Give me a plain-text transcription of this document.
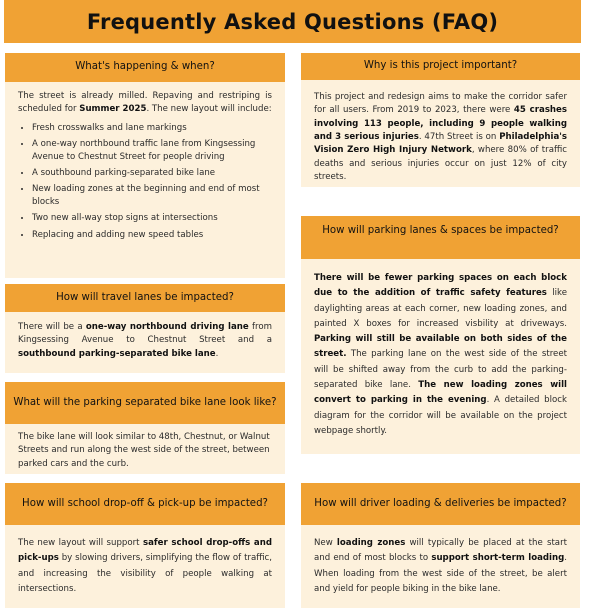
Frequently Asked Questions (FAQ)
What's happening & when?
The street is already milled. Repaving and restriping is scheduled for Summer 2025. The new layout will include:
• Fresh crosswalks and lane markings
• A one-way northbound traffic lane from Kingsessing Avenue to Chestnut Street for people driving
• A southbound parking-separated bike lane
• New loading zones at the beginning and end of most blocks
• Two new all-way stop signs at intersections
• Replacing and adding new speed tables
Why is this project important?
This project and redesign aims to make the corridor safer for all users. From 2019 to 2023, there were 45 crashes involving 113 people, including 9 people walking and 3 serious injuries. 47th Street is on Philadelphia's Vision Zero High Injury Network, where 80% of traffic deaths and serious injuries occur on just 12% of city streets.
How will travel lanes be impacted?
There will be a one-way northbound driving lane from Kingsessing Avenue to Chestnut Street and a southbound parking-separated bike lane.
How will parking lanes & spaces be impacted?
There will be fewer parking spaces on each block due to the addition of traffic safety features like daylighting areas at each corner, new loading zones, and painted X boxes for increased visbility at driveways. Parking will still be available on both sides of the street. The parking lane on the west side of the street will be shifted away from the curb to add the parking-separated bike lane. The new loading zones will convert to parking in the evening. A detailed block diagram for the corridor will be available on the project webpage shortly.
What will the parking separated bike lane look like?
The bike lane will look similar to 48th, Chestnut, or Walnut Streets and run along the west side of the street, between parked cars and the curb.
How will school drop-off & pick-up be impacted?
The new layout will support safer school drop-offs and pick-ups by slowing drivers, simplifying the flow of traffic, and increasing the visibility of people walking at intersections.
How will driver loading & deliveries be impacted?
New loading zones will typically be placed at the start and end of most blocks to support short-term loading. When loading from the west side of the street, be alert and yield for people biking in the bike lane.
